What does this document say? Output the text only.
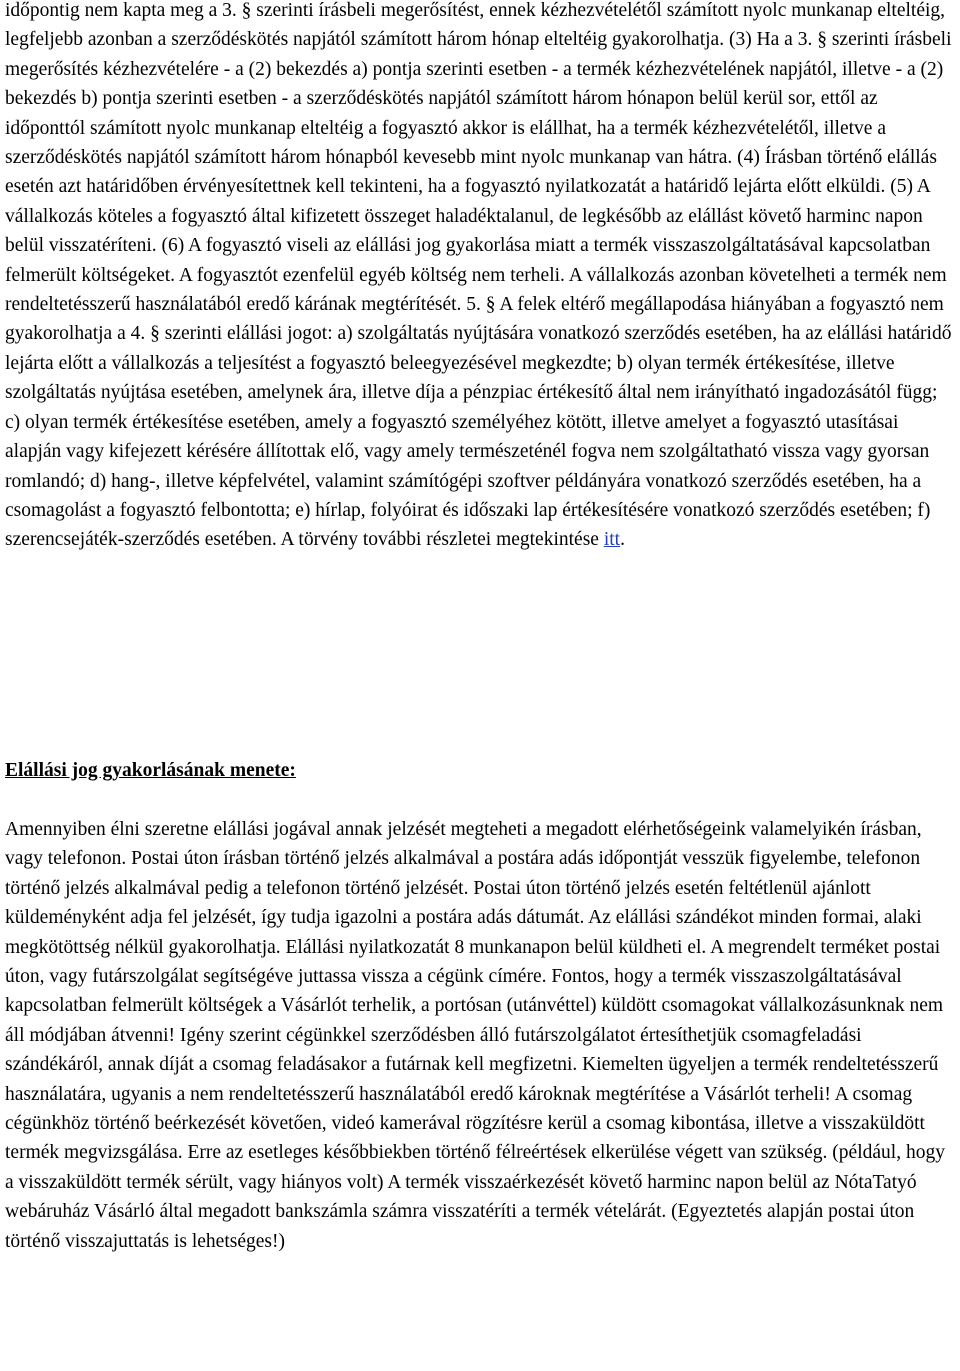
időpontig nem kapta meg a 3. § szerinti írásbeli megerősítést, ennek kézhezvételétől számított nyolc munkanap elteltéig, legfeljebb azonban a szerződéskötés napjától számított három hónap elteltéig gyakorolhatja. (3) Ha a 3. § szerinti írásbeli megerősítés kézhezvételére - a (2) bekezdés a) pontja szerinti esetben - a termék kézhezvételének napjától, illetve - a (2) bekezdés b) pontja szerinti esetben - a szerződéskötés napjától számított három hónapon belül kerül sor, ettől az időponttól számított nyolc munkanap elteltéig a fogyasztó akkor is elállhat, ha a termék kézhezvételétől, illetve a szerződéskötés napjától számított három hónapból kevesebb mint nyolc munkanap van hátra. (4) Írásban történő elállás esetén azt határidőben érvényesítettnek kell tekinteni, ha a fogyasztó nyilatkozatát a határidő lejárta előtt elküldi. (5) A vállalkozás köteles a fogyasztó által kifizetett összeget haladéktalanul, de legkésőbb az elállást követő harminc napon belül visszatéríteni. (6) A fogyasztó viseli az elállási jog gyakorlása miatt a termék visszaszolgáltatásával kapcsolatban felmerült költségeket. A fogyasztót ezenfelül egyéb költség nem terheli. A vállalkozás azonban követelheti a termék nem rendeltetésszerű használatából eredő kárának megtérítését. 5. § A felek eltérő megállapodása hiányában a fogyasztó nem gyakorolhatja a 4. § szerinti elállási jogot: a) szolgáltatás nyújtására vonatkozó szerződés esetében, ha az elállási határidő lejárta előtt a vállalkozás a teljesítést a fogyasztó beleegyezésével megkezdte; b) olyan termék értékesítése, illetve szolgáltatás nyújtása esetében, amelynek ára, illetve díja a pénzpiac értékesítő által nem irányítható ingadozásától függ; c) olyan termék értékesítése esetében, amely a fogyasztó személyéhez kötött, illetve amelyet a fogyasztó utasításai alapján vagy kifejezett kérésére állítottak elő, vagy amely természeténél fogva nem szolgáltatható vissza vagy gyorsan romlandó; d) hang-, illetve képfelvétel, valamint számítógépi szoftver példányára vonatkozó szerződés esetében, ha a csomagolást a fogyasztó felbontotta; e) hírlap, folyóirat és időszaki lap értékesítésére vonatkozó szerződés esetében; f) szerencsejáték-szerződés esetében. A törvény további részletei megtekintése itt.

Elállási jog gyakorlásának menete:

Amennyiben élni szeretne elállási jogával annak jelzését megteheti a megadott elérhetőségeink valamelyikén írásban, vagy telefonon. Postai úton írásban történő jelzés alkalmával a postára adás időpontját vesszük figyelembe, telefonon történő jelzés alkalmával pedig a telefonon történő jelzését. Postai úton történő jelzés esetén feltétlenül ajánlott küldeményként adja fel jelzését, így tudja igazolni a postára adás dátumát. Az elállási szándékot minden formai, alaki megkötöttség nélkül gyakorolhatja. Elállási nyilatkozatát 8 munkanapon belül küldheti el. A megrendelt terméket postai úton, vagy futárszolgálat segítségéve juttassa vissza a cégünk címére. Fontos, hogy a termék visszaszolgáltatásával kapcsolatban felmerült költségek a Vásárlót terhelik, a portósan (utánvéttel) küldött csomagokat vállalkozásunknak nem áll módjában átvenni! Igény szerint cégünkkel szerződésben álló futárszolgálatot értesíthetjük csomagfeladási szándékáról, annak díját a csomag feladásakor a futárnak kell megfizetni. Kiemelten ügyeljen a termék rendeltetésszerű használatára, ugyanis a nem rendeltetésszerű használatából eredő károknak megtérítése a Vásárlót terheli! A csomag cégünkhöz történő beérkezését követően, videó kamerával rögzítésre kerül a csomag kibontása, illetve a visszaküldött termék megvizsgálása. Erre az esetleges későbbiekben történő félreértések elkerülése végett van szükség. (például, hogy a visszaküldött termék sérült, vagy hiányos volt) A termék visszaérkezését követő harminc napon belül az NótaTatyó webáruház Vásárló által megadott bankszámla számra visszatéríti a termék vételárát. (Egyeztetés alapján postai úton történő visszajuttatás is lehetséges!)
